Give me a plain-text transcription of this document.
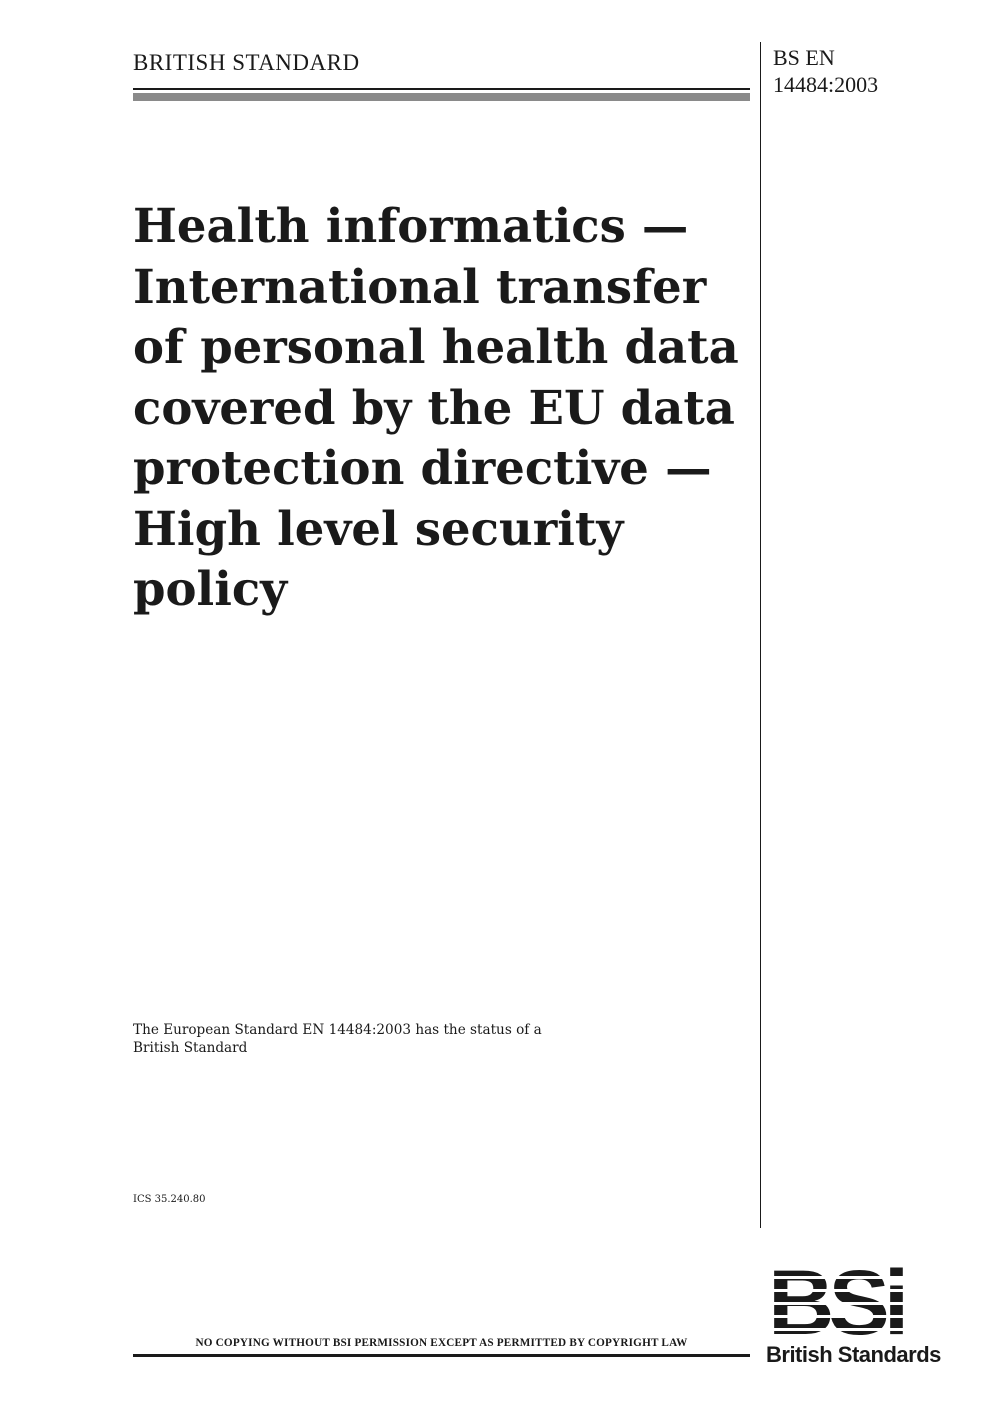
BRITISH STANDARD	BS EN
14484:2003
Health informatics —
International transfer
of personal health data
covered by the EU data
protection directive —
High level security
policy
The European Standard EN 14484:2003 has the status of a
British Standard
ICS 35.240.80
NO COPYING WITHOUT BSI PERMISSION EXCEPT AS PERMITTED BY COPYRIGHT LAW	British Standards
